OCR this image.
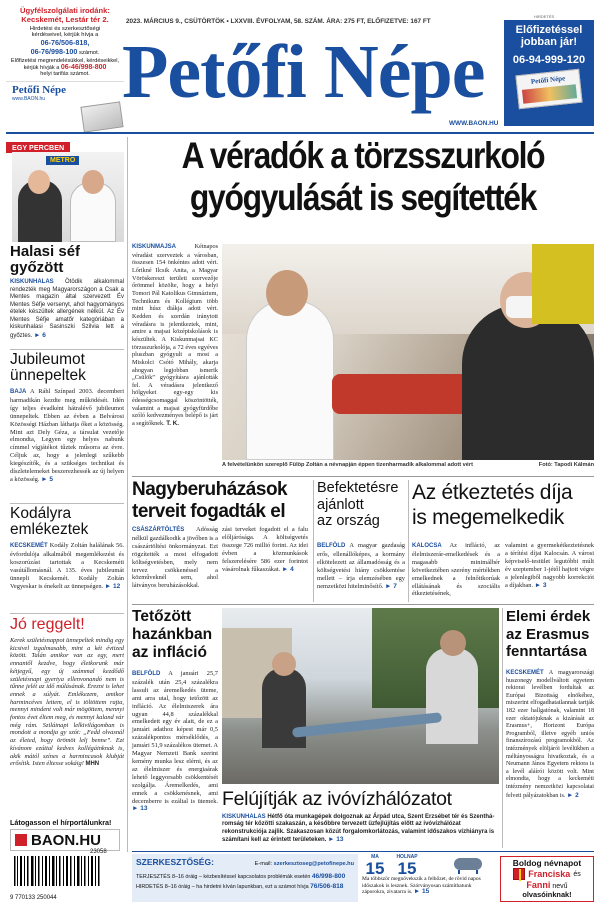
Ügyfélszolgálati irodánk:
Kecskemét, Lestár tér 2.
Hirdetési és szerkesztőségi
kérdéseivel, kérjük hívja a
06-76/506-818,
06-76/998-100 számot.
Előfizetési megrendelésükkel, kérdéseikkel,
kérjük hívják a 06-46/998-800
helyi tarifás számot.
Petőfi Népe
www.BAON.hu
2023. MÁRCIUS 9., CSÜTÖRTÖK • LXXVIII. ÉVFOLYAM, 58. SZÁM. ÁRA: 275 FT, ELŐFIZETVE: 167 FT
Petőfi Népe
WWW.BAON.HU
HIRDETÉS
Előfizetéssel
jobban jár!
06-94-999-120
Petőfi Népe
EGY PERCBEN
METRO
Halasi séf győzött
KISKUNHALAS Ötödik alkalommal rendezték meg Magyarországon a Csak a Mentes magazin által szervezett Év Mentes Séfje versenyt, ahol hagyományos ételek készültek allergének nélkül. Az Év Mentes Séfje amatőr kategóriában a kiskunhalasi Sasinszki Szilvia lett a győztes. ► 6
Jubileumot ünnepeltek
BAJA A Ráhl Színpad 2003. decemberi harmadikán kezdte meg működését. Idén így teljes évadként hátralévő jubileumot ünnepeltek. Ebben az évben a Belvárosi Közösségi Házban láthatja őket a közösség. Mint azt Dely Géza, a társulat vezetője elmondta, Legyen egy helyes nabunk címmel vígjátékot tűztek műsorra az évre. Céljuk az, hogy a jelenlegi szűkebb kiegészítők, és a szükséges technikai és díszletelemeket beszerezhessék az új helyen a közösség. ► 5
Kodályra emlékeztek
KECSKEMÉT Kodály Zoltán halálának 56. évfordulója alkalmából megemlékezést és koszorúzást tartottak a Kecskeméti vasútállomásnál. A 135. éves jubileumát ünnepli Kecskemét. Kodály Zoltán Vegyeskar is énekelt az ünnepségen. ► 12
Jó reggelt!
Kerek születésnappot ünnepeltek mindig egy kicsivel izgalmasabb, mint a két évtized között. Talán amikor van az egy, mert ennantől kezdve, hogy életkorunk már kétjegyű, egy új számmal kezdődő születésnapi gyertya ellenvonandó nem is tűnne jelét az idő múlásának. Érezni is lehet ennek a súlyát. Emlékezem, amikor harmincéves lettem, el is töltöttem rajta, mennyi mindent volt már mögöttem, mennyi fontos évet éltem meg, és mennyi kaland vár még rám. Sziláinapi lelkivilágomban is mondott a mondja gy szót: „Fedd olvasnál az életed, hogy örömöt lelj benne”. Ezt kívánom ezúttal kedves kollégáinknak is, akik mától színes a harmincasok klubját erősítik. Isten éltesse sokáig! MHN
Látogasson el hírportálunkra!
BAON.HU
9 770133 250044
23058
A véradók a törzsszurkoló
gyógyulását is segítették
KISKUNMAJSA	Kétnapos véradást szerveztek a városban, összesen 154 önkéntes adott vért. Lőrikné Ilcsik Anita, a Magyar Vöröskereszt területi szervezője őrömmel közölte, hogy a helyi Tomori Pál Katolikus Gimnázium, Technikum és Kollégium több mint húsz diákja adott vért. Kedden és szerdán iránytott véradásra is jelentkeztek, mint, amire a majsai középiskolások is készültek. A Kiskunmajsai KC törzsszurkolója, a 72 éves egyéves pluszban gyógyult a most a Miskolci Csótó Mihály, akarja ahogyan legjobban ismerik „Csülök” gyógyításra ajánlották fel. A véradásra jelentkező hölgyeket egy-egy kis édességcsomaggal köszöntötték, valamint a majsai gyógyfürdőbe szóló kedvezményes belépő is járt a segítőknek. T. K.
A felvételünkön szereplő Fülöp Zoltán a névnapján éppen tizenharmadik alkalommal adott vért	Fotó: Tapodi Kálmán
Nagyberuházások
terveit fogadták el
CSÁSZÁRTÖLTÉS Adósság nélkül gazdálkodik a jövőben is a császártöltési önkormányzat. Ezt rögzítették a most elfogadott költségvetésben, mely nem tervez csökkenéssel a közműveknél sem, ahol látványos beruházásokkal.
zási terveket fogadott el a falu előljárósága. A költségvetés összege 726 millió forint. Az idei évben a közmunkások felszerelésére 586 ezer forintot vásárolnak fűkaszákat. ► 4
Befektetésre
ajánlott
az ország
BELFÖLD A magyar gazdaság erős, ellenállóképes, a kormány elkötelezett az államadósság és a költségvetési hiány csökkentése mellett – írja elemzésében egy nemzetközi hitelminősítő. ► 7
Az étkeztetés díja
is megemelkedik
KALOCSA Az infláció, az élelmiszerár-emelkedések és a magasabb minimálbér következtében szerény mértékben emelkednek a felnőttkorúak ellátásának és szociális étkeztetésének,
valamint a gyermekétkeztetésnek a térítési díjai Kalocsán. A városi képviselő-testület legutóbbi múlt év szeptember 1-jétől hajtott végre a jelenlegiből nagyobb korrekciót a díjakban. ► 3
Tetőzött
hazánkban
az infláció
BELFÖLD A januári 25,7 százalék után 25,4 százalékra lassult az áremelkedés üteme, ami arra utal, hogy tetőzött az infláció. Az élelmiszerek ára ugyan 44,8 százalékkal emelkedett egy év alatt, de ez a januári adathoz képest már 0,5 százalékpontos mérséklődés, a januári 51,9 százalékos ütemet. A Magyar Nemzeti Bank szerint kemény munka lesz elérni, és az az élelmiszer és energiaárak lehető leggyorsabb csökkentését szolgálja. Áremelkedés, ami ennek a csökkenésnek, ami decemberre is ezáltal is ütemek. ► 13	Felújítják az ivóvízhálózatot
KISKUNHALAS Hétfő óta munkagépek dolgoznak az Árpád utca, Szent Erzsébet tér és Szenthá-romság tér közötti szakaszán, a későbbre tervezett üzfejlújítás előtt az ivóvízhálózat rekonstrukciója zajlik. Szakaszosan közút forgalomkorlátozás, valamint időszakos vízhiányra is számítani kell az érintett területeken. ► 13
Elemi érdek
az Erasmus
fenntartása
KECSKEMÉT A magyarországi huszonegy modellváltott egyetem rektorai levélben fordultak az Európai Bizottság elnökéhez, miszerint elfogadhatatlannak tartják 182 ezer hallgatónak, valamint 18 ezer oktatójuknak a kizárását az Erasmus+, Horizont Európa Programból, illetve egyéb uniós finanszírozású programokból. Az intézmények elöljárói levélükben a méltányosságra hivatkoztak, és a Neumann János Egyetem rektora is a levél aláírói között volt. Mint elmondta, hogy a keckeméti intézmény nemzetközi kapcsolatai felveti pályázatokban is. ► 2
SZERKESZTŐSÉG:	E-mail: szerkesztoseg@petofinepe.hu
TERJESZTÉS 8–16 óráig – kézbesítéssel kapcsolatos problémák esetén 46/998-800
HIRDETÉS 8–16 óráig – ha hirdetni kíván lapunkban, ezt a számot hívja 76/506-818
MA
15
HOLNAP
15
Ma többször megnövekszik a felhőzet, de rövid napos időszakok is lesznek. Szórványosan számíthatunk záporokra, zivatarra is. ► 15
Boldog névnapot
Franciska és
Fanni nevű
olvasóinknak!
